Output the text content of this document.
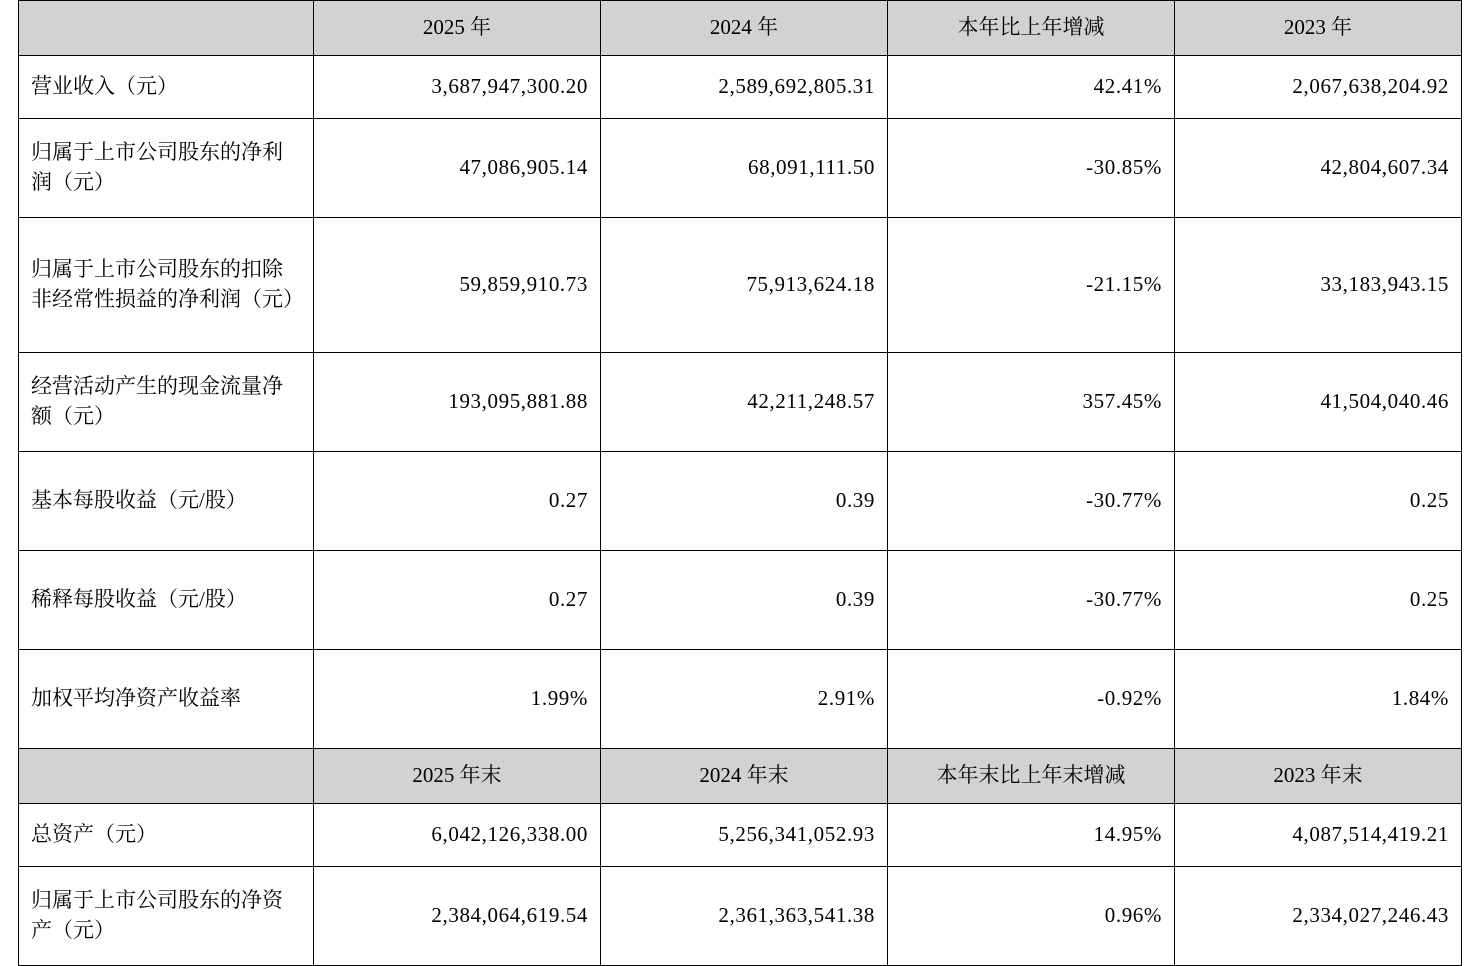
	2025 年	2024 年	本年比上年增减	2023 年
营业收入（元）	3,687,947,300.20	2,589,692,805.31	42.41%	2,067,638,204.92
归属于上市公司股东的净利润（元）	47,086,905.14	68,091,111.50	-30.85%	42,804,607.34
归属于上市公司股东的扣除非经常性损益的净利润（元）	59,859,910.73	75,913,624.18	-21.15%	33,183,943.15
经营活动产生的现金流量净额（元）	193,095,881.88	42,211,248.57	357.45%	41,504,040.46
基本每股收益（元/股）	0.27	0.39	-30.77%	0.25
稀释每股收益（元/股）	0.27	0.39	-30.77%	0.25
加权平均净资产收益率	1.99%	2.91%	-0.92%	1.84%
	2025 年末	2024 年末	本年末比上年末增减	2023 年末
总资产（元）	6,042,126,338.00	5,256,341,052.93	14.95%	4,087,514,419.21
归属于上市公司股东的净资产（元）	2,384,064,619.54	2,361,363,541.38	0.96%	2,334,027,246.43
